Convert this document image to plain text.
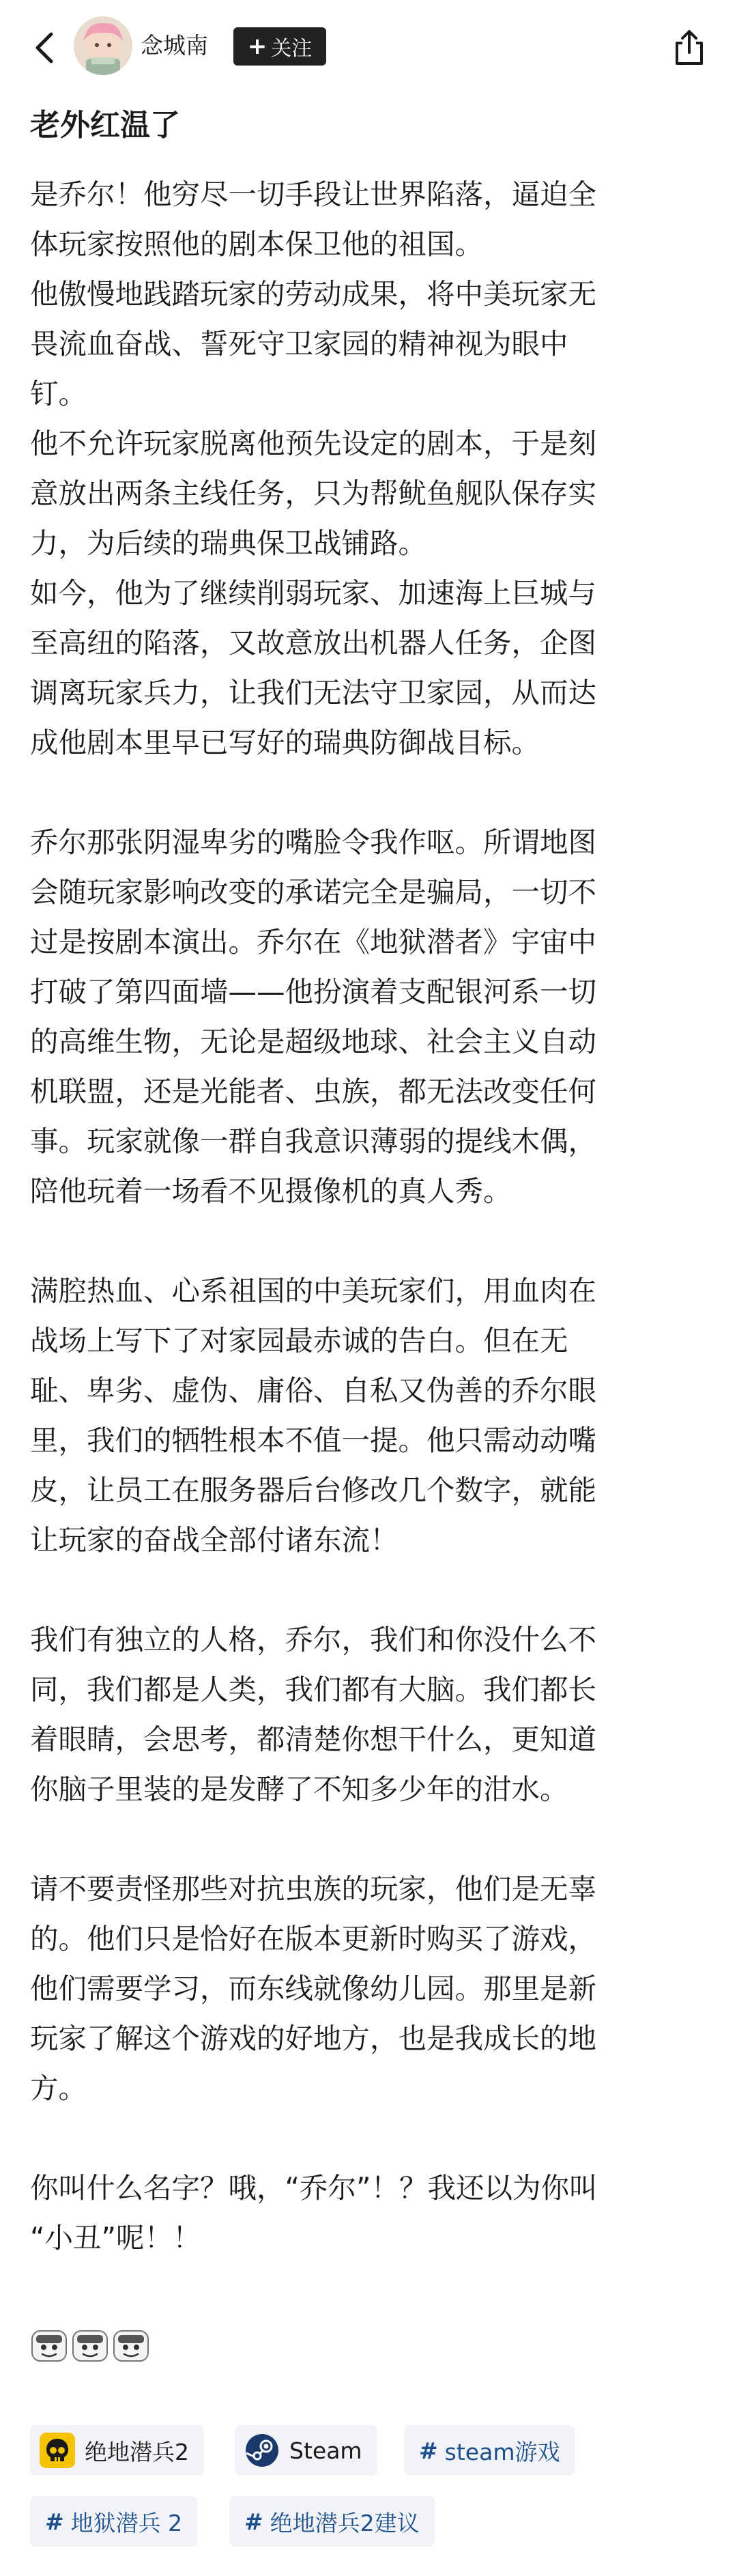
念城南 + 关注
老外红温了

是乔尔！他穷尽一切手段让世界陷落，逼迫全

体玩家按照他的剧本保卫他的祖国。

他傲慢地践踏玩家的劳动成果，将中美玩家无

畏流血奋战、誓死守卫家园的精神视为眼中

钉。

他不允许玩家脱离他预先设定的剧本，于是刻

意放出两条主线任务，只为帮鱿鱼舰队保存实

力，为后续的瑞典保卫战铺路。

如今，他为了继续削弱玩家、加速海上巨城与

至高纽的陷落，又故意放出机器人任务，企图

调离玩家兵力，让我们无法守卫家园，从而达

成他剧本里早已写好的瑞典防御战目标。

乔尔那张阴湿卑劣的嘴脸令我作呕。所谓地图

会随玩家影响改变的承诺完全是骗局，一切不

过是按剧本演出。乔尔在《地狱潜者》宇宙中

打破了第四面墙——他扮演着支配银河系一切

的高维生物，无论是超级地球、社会主义自动

机联盟，还是光能者、虫族，都无法改变任何

事。玩家就像一群自我意识薄弱的提线木偶，

陪他玩着一场看不见摄像机的真人秀。

满腔热血、心系祖国的中美玩家们，用血肉在

战场上写下了对家园最赤诚的告白。但在无

耻、卑劣、虚伪、庸俗、自私又伪善的乔尔眼

里，我们的牺牲根本不值一提。他只需动动嘴

皮，让员工在服务器后台修改几个数字，就能

让玩家的奋战全部付诸东流！

我们有独立的人格，乔尔，我们和你没什么不

同，我们都是人类，我们都有大脑。我们都长

着眼睛，会思考，都清楚你想干什么，更知道

你脑子里装的是发酵了不知多少年的泔水。

请不要责怪那些对抗虫族的玩家，他们是无辜

的。他们只是恰好在版本更新时购买了游戏，

他们需要学习，而东线就像幼儿园。那里是新

玩家了解这个游戏的好地方，也是我成长的地

方。

你叫什么名字？哦，“乔尔”！？我还以为你叫

“小丑”呢！！

绝地潜兵2	Steam	# steam游戏
# 地狱潜兵 2	# 绝地潜兵2建议
